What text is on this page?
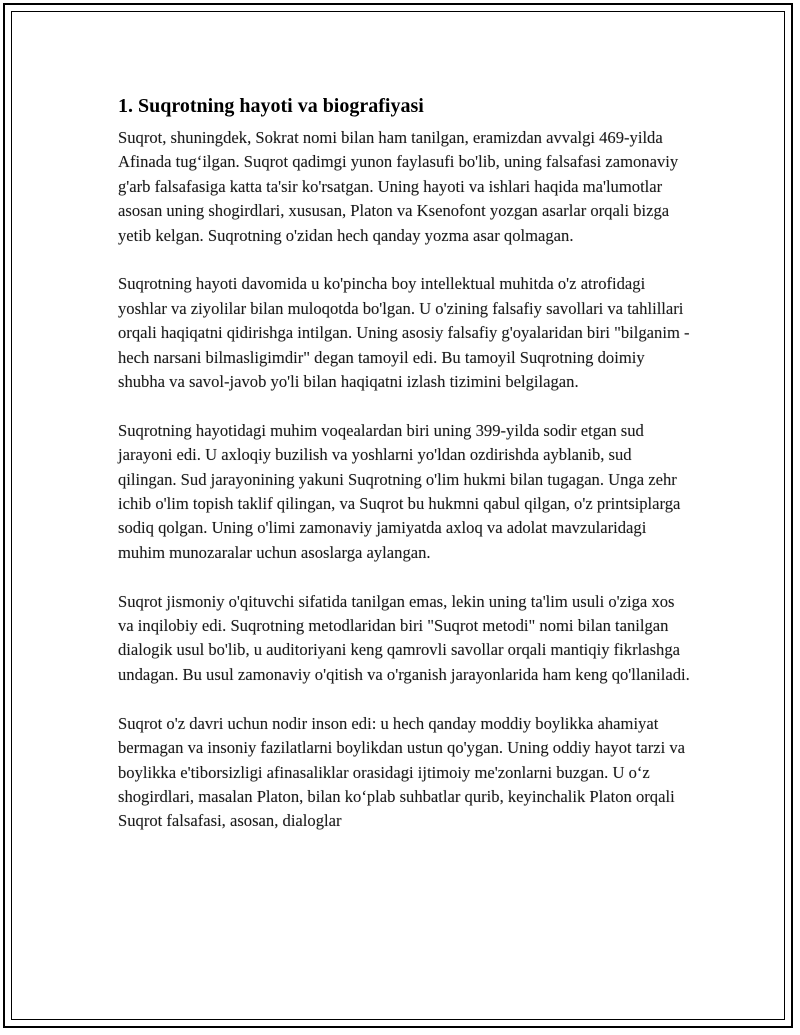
1. Suqrotning hayoti va biografiyasi

Suqrot, shuningdek, Sokrat nomi bilan ham tanilgan, eramizdan avvalgi 469-yilda Afinada tug‘ilgan. Suqrot qadimgi yunon faylasufi bo'lib, uning falsafasi zamonaviy g'arb falsafasiga katta ta'sir ko'rsatgan. Uning hayoti va ishlari haqida ma'lumotlar asosan uning shogirdlari, xususan, Platon va Ksenofont yozgan asarlar orqali bizga yetib kelgan. Suqrotning o'zidan hech qanday yozma asar qolmagan.

Suqrotning hayoti davomida u ko'pincha boy intellektual muhitda o'z atrofidagi yoshlar va ziyolilar bilan muloqotda bo'lgan. U o'zining falsafiy savollari va tahlillari orqali haqiqatni qidirishga intilgan. Uning asosiy falsafiy g'oyalaridan biri "bilganim - hech narsani bilmasligimdir" degan tamoyil edi. Bu tamoyil Suqrotning doimiy shubha va savol-javob yo'li bilan haqiqatni izlash tizimini belgilagan.

Suqrotning hayotidagi muhim voqealardan biri uning 399-yilda sodir etgan sud jarayoni edi. U axloqiy buzilish va yoshlarni yo'ldan ozdirishda ayblanib, sud qilingan. Sud jarayonining yakuni Suqrotning o'lim hukmi bilan tugagan. Unga zehr ichib o'lim topish taklif qilingan, va Suqrot bu hukmni qabul qilgan, o'z printsiplarga sodiq qolgan. Uning o'limi zamonaviy jamiyatda axloq va adolat mavzularidagi muhim munozaralar uchun asoslarga aylangan.

Suqrot jismoniy o'qituvchi sifatida tanilgan emas, lekin uning ta'lim usuli o'ziga xos va inqilobiy edi. Suqrotning metodlaridan biri "Suqrot metodi" nomi bilan tanilgan dialogik usul bo'lib, u auditoriyani keng qamrovli savollar orqali mantiqiy fikrlashga undagan. Bu usul zamonaviy o'qitish va o'rganish jarayonlarida ham keng qo'llaniladi.

Suqrot o'z davri uchun nodir inson edi: u hech qanday moddiy boylikka ahamiyat bermagan va insoniy fazilatlarni boylikdan ustun qo'ygan. Uning oddiy hayot tarzi va boylikka e'tiborsizligi afinasaliklar orasidagi ijtimoiy me'zonlarni buzgan. U o‘z shogirdlari, masalan Platon, bilan ko‘plab suhbatlar qurib, keyinchalik Platon orqali Suqrot falsafasi, asosan, dialoglar
